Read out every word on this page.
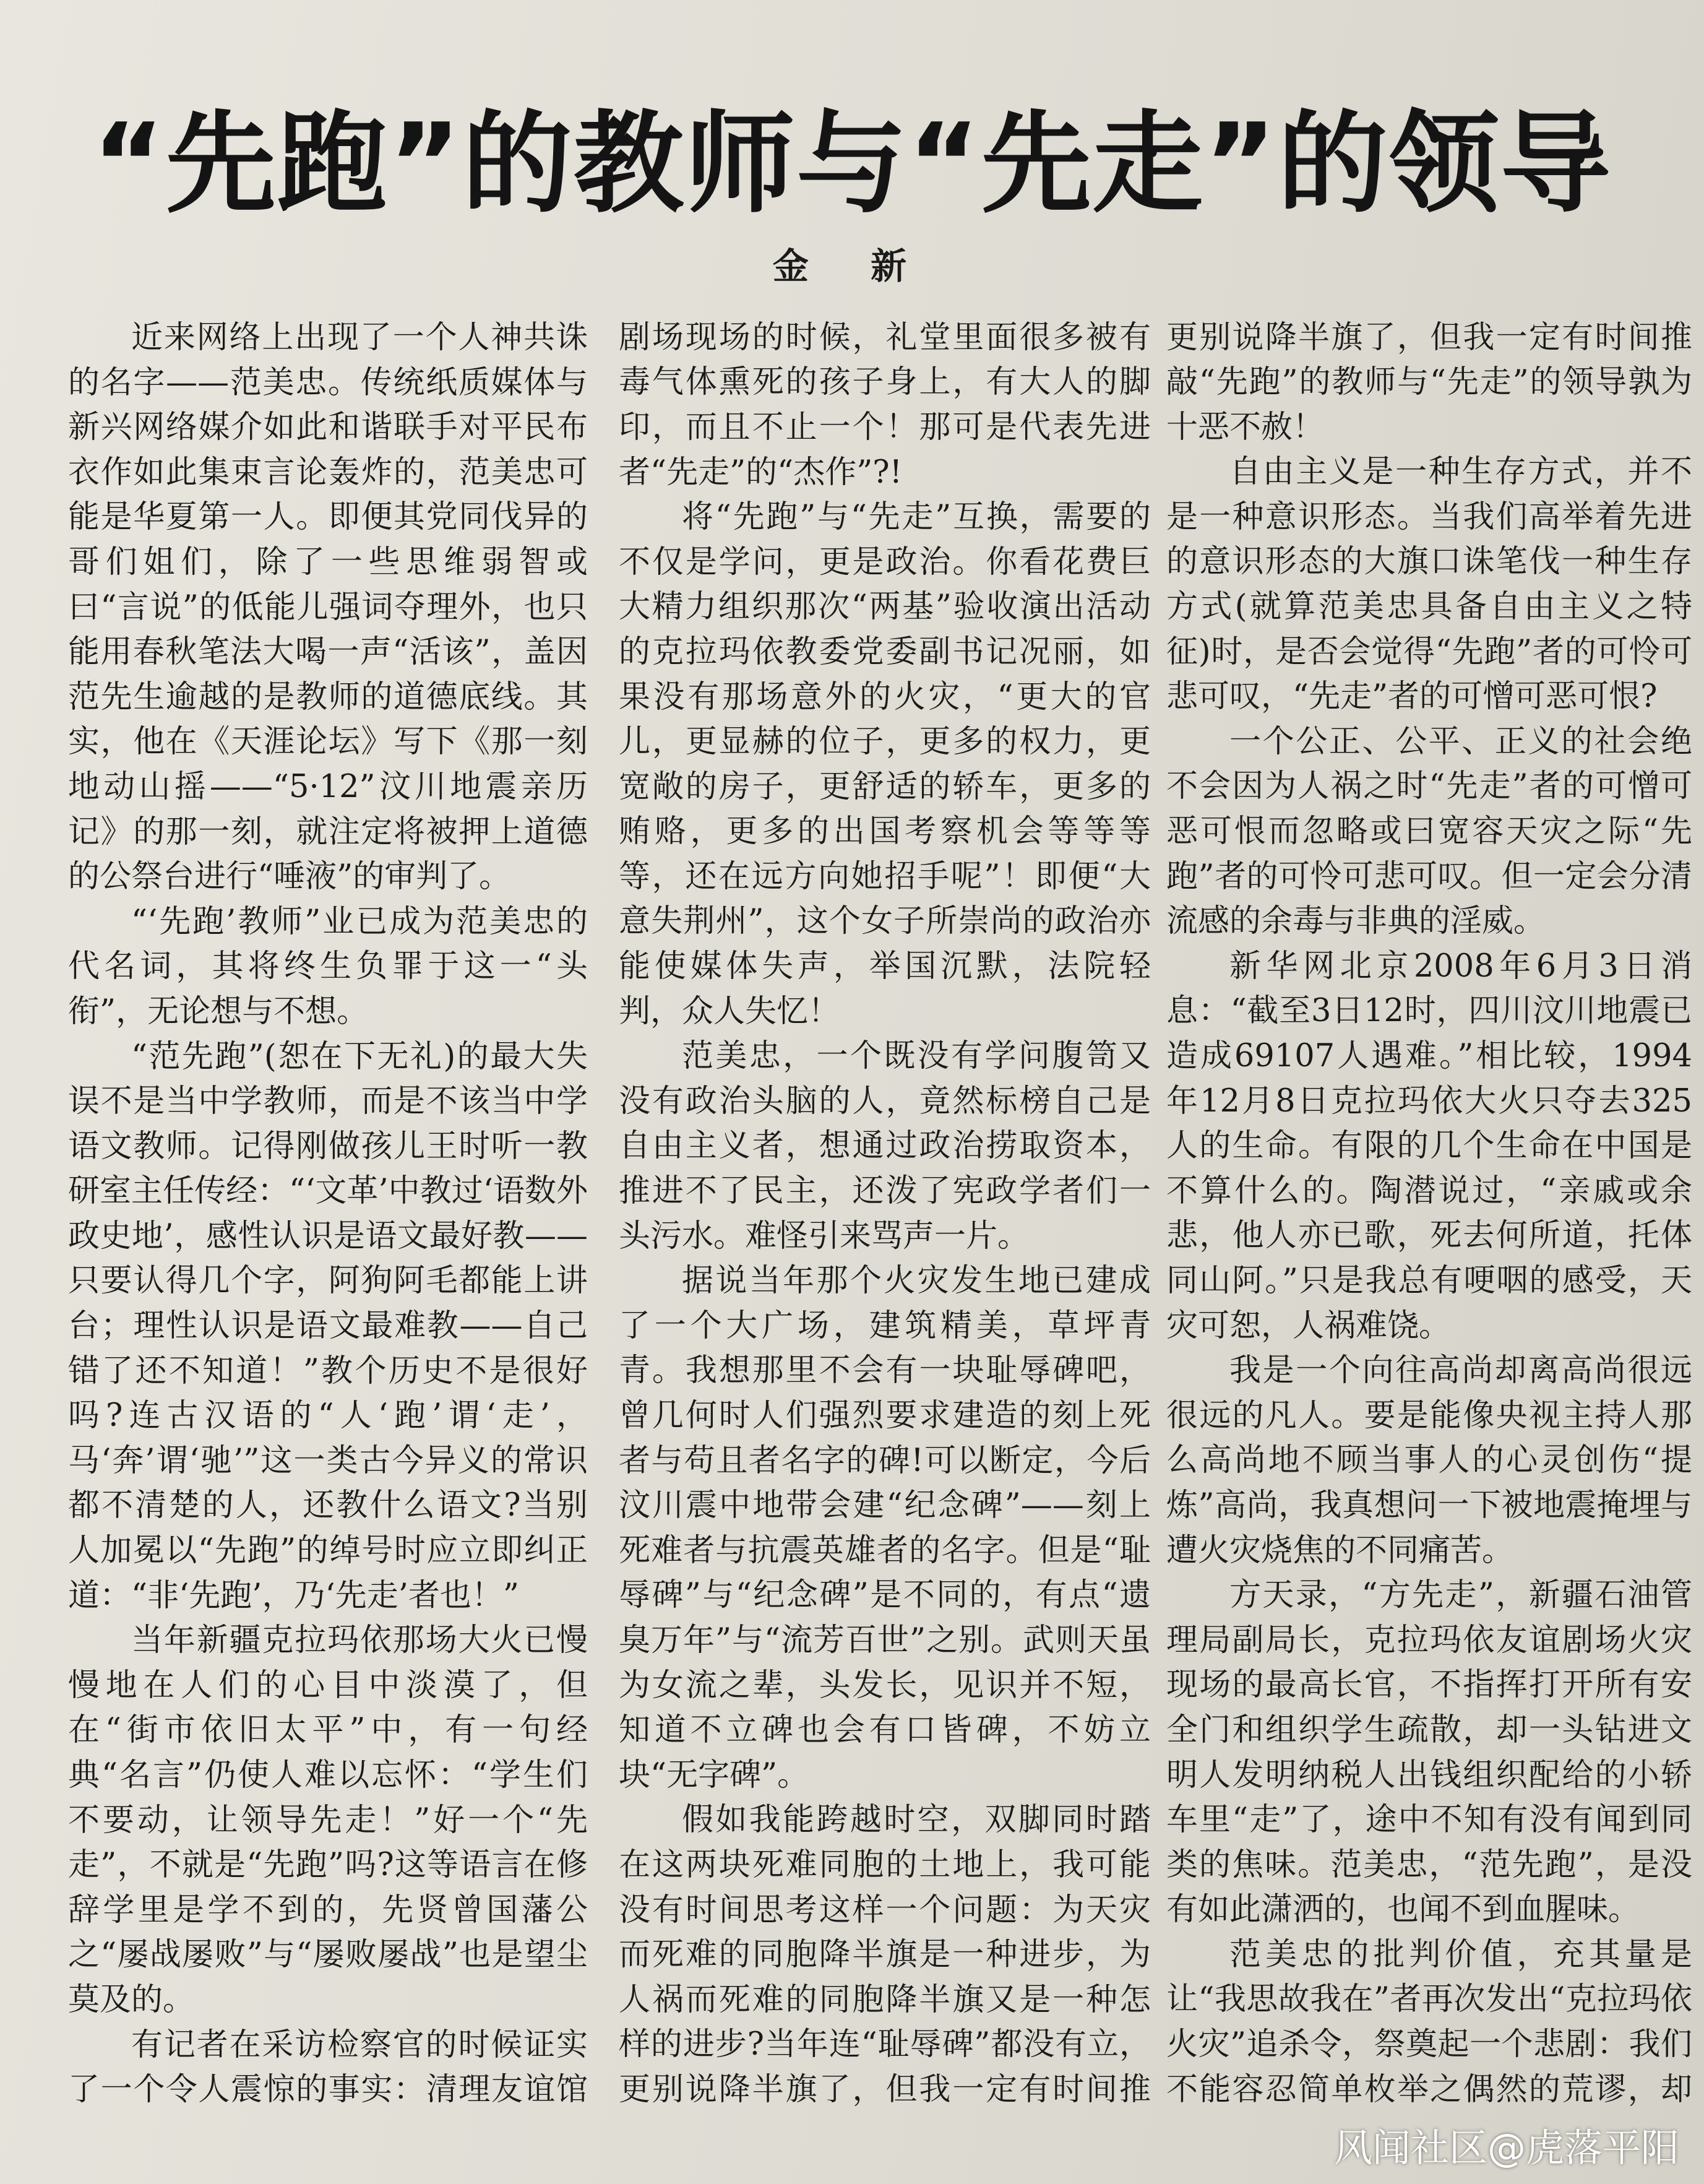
“先跑”的教师与“先走”的领导
金 新

近来网络上出现了一个人神共诛的名字——范美忠。传统纸质媒体与新兴网络媒介如此和谐联手对平民布衣作如此集束言论轰炸的，范美忠可能是华夏第一人。即便其党同伐异的哥们姐们，除了一些思维弱智或曰“言说”的低能儿强词夺理外，也只能用春秋笔法大喝一声“活该”，盖因范先生逾越的是教师的道德底线。其实，他在《天涯论坛》写下《那一刻地动山摇——“5·12”汶川地震亲历记》的那一刻，就注定将被押上道德的公祭台进行“唾液”的审判了。

“‘先跑’教师”业已成为范美忠的代名词，其将终生负罪于这一“头衔”，无论想与不想。

“范先跑”(恕在下无礼)的最大失误不是当中学教师，而是不该当中学语文教师。记得刚做孩儿王时听一教研室主任传经：“‘文革’中教过‘语数外政史地’，感性认识是语文最好教——只要认得几个字，阿狗阿毛都能上讲台；理性认识是语文最难教——自己错了还不知道！”教个历史不是很好吗?连古汉语的“人‘跑’谓‘走’，马‘奔’谓‘驰’”这一类古今异义的常识都不清楚的人，还教什么语文?当别人加冕以“先跑”的绰号时应立即纠正道：“非‘先跑’，乃‘先走’者也！”

当年新疆克拉玛依那场大火已慢慢地在人们的心目中淡漠了，但在“街市依旧太平”中，有一句经典“名言”仍使人难以忘怀：“学生们不要动，让领导先走！”好一个“先走”，不就是“先跑”吗?这等语言在修辞学里是学不到的，先贤曾国藩公之“屡战屡败”与“屡败屡战”也是望尘莫及的。

有记者在采访检察官的时候证实了一个令人震惊的事实：清理友谊馆

剧场现场的时候，礼堂里面很多被有毒气体熏死的孩子身上，有大人的脚印，而且不止一个！那可是代表先进者“先走”的“杰作”?!

将“先跑”与“先走”互换，需要的不仅是学问，更是政治。你看花费巨大精力组织那次“两基”验收演出活动的克拉玛依教委党委副书记况丽，如果没有那场意外的火灾，“更大的官儿，更显赫的位子，更多的权力，更宽敞的房子，更舒适的轿车，更多的贿赂，更多的出国考察机会等等等等，还在远方向她招手呢”！即便“大意失荆州”，这个女子所崇尚的政治亦能使媒体失声，举国沉默，法院轻判，众人失忆！

范美忠，一个既没有学问腹笥又没有政治头脑的人，竟然标榜自己是自由主义者，想通过政治捞取资本，推进不了民主，还泼了宪政学者们一头污水。难怪引来骂声一片。

据说当年那个火灾发生地已建成了一个大广场，建筑精美，草坪青青。我想那里不会有一块耻辱碑吧，曾几何时人们强烈要求建造的刻上死者与苟且者名字的碑!可以断定，今后汶川震中地带会建“纪念碑”——刻上死难者与抗震英雄者的名字。但是“耻辱碑”与“纪念碑”是不同的，有点“遗臭万年”与“流芳百世”之别。武则天虽为女流之辈，头发长，见识并不短，知道不立碑也会有口皆碑，不妨立块“无字碑”。

假如我能跨越时空，双脚同时踏在这两块死难同胞的土地上，我可能没有时间思考这样一个问题：为天灾而死难的同胞降半旗是一种进步，为人祸而死难的同胞降半旗又是一种怎样的进步?当年连“耻辱碑”都没有立，更别说降半旗了，但我一定有时间推

更别说降半旗了，但我一定有时间推敲“先跑”的教师与“先走”的领导孰为十恶不赦！

自由主义是一种生存方式，并不是一种意识形态。当我们高举着先进的意识形态的大旗口诛笔伐一种生存方式(就算范美忠具备自由主义之特征)时，是否会觉得“先跑”者的可怜可悲可叹，“先走”者的可憎可恶可恨?

一个公正、公平、正义的社会绝不会因为人祸之时“先走”者的可憎可恶可恨而忽略或曰宽容天灾之际“先跑”者的可怜可悲可叹。但一定会分清流感的余毒与非典的淫威。

新华网北京2008年6月3日消息：“截至3日12时，四川汶川地震已造成69107人遇难。”相比较，1994年12月8日克拉玛依大火只夺去325人的生命。有限的几个生命在中国是不算什么的。陶潜说过，“亲戚或余悲，他人亦已歌，死去何所道，托体同山阿。”只是我总有哽咽的感受，天灾可恕，人祸难饶。

我是一个向往高尚却离高尚很远很远的凡人。要是能像央视主持人那么高尚地不顾当事人的心灵创伤“提炼”高尚，我真想问一下被地震掩埋与遭火灾烧焦的不同痛苦。

方天录，“方先走”，新疆石油管理局副局长，克拉玛依友谊剧场火灾现场的最高长官，不指挥打开所有安全门和组织学生疏散，却一头钻进文明人发明纳税人出钱组织配给的小轿车里“走”了，途中不知有没有闻到同类的焦味。范美忠，“范先跑”，是没有如此潇洒的，也闻不到血腥味。

范美忠的批判价值，充其量是让“我思故我在”者再次发出“克拉玛依火灾”追杀令，祭奠起一个悲剧：我们不能容忍简单枚举之偶然的荒谬，却

风闻社区@虎落平阳
